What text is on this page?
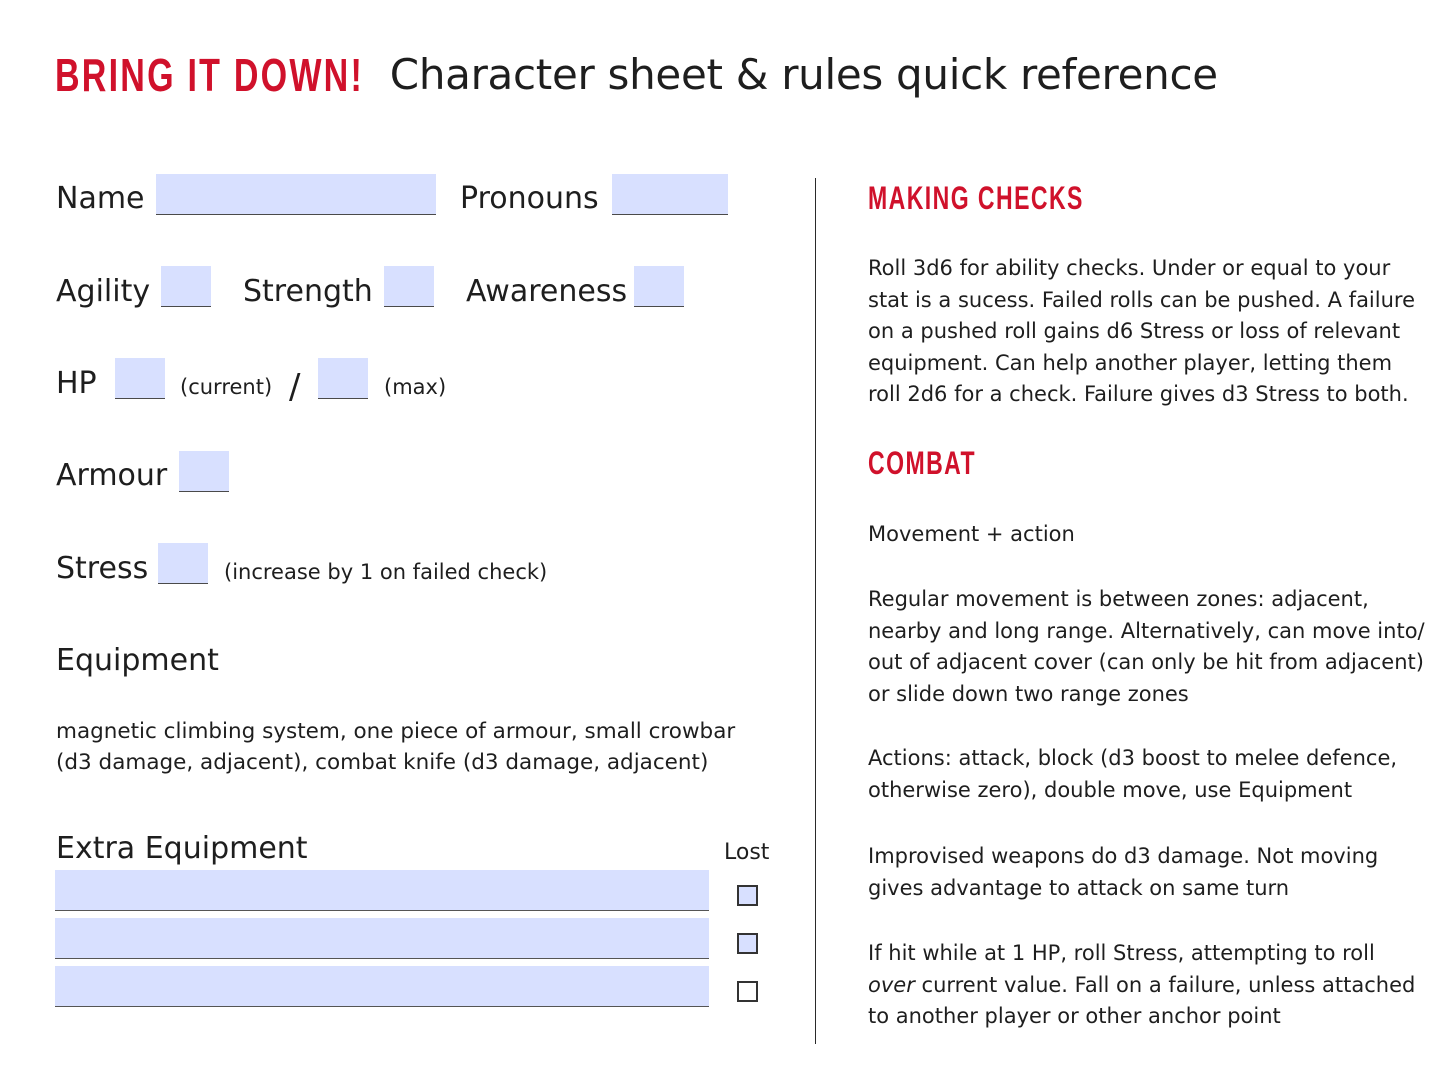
BRING IT DOWN! Character sheet & rules quick reference
Name	Pronouns
Agility	Strength	Awareness
HP	(current) /	(max)
Armour
Stress	(increase by 1 on failed check)
Equipment

magnetic climbing system, one piece of armour, small crowbar (d3 damage, adjacent), combat knife (d3 damage, adjacent)

Extra Equipment	Lost
MAKING CHECKS

Roll 3d6 for ability checks. Under or equal to your stat is a sucess. Failed rolls can be pushed. A failure on a pushed roll gains d6 Stress or loss of relevant equipment. Can help another player, letting them roll 2d6 for a check. Failure gives d3 Stress to both.

COMBAT

Movement + action

Regular movement is between zones: adjacent, nearby and long range. Alternatively, can move into/ out of adjacent cover (can only be hit from adjacent) or slide down two range zones

Actions: attack, block (d3 boost to melee defence, otherwise zero), double move, use Equipment

Improvised weapons do d3 damage. Not moving gives advantage to attack on same turn

If hit while at 1 HP, roll Stress, attempting to roll over current value. Fall on a failure, unless attached to another player or other anchor point
